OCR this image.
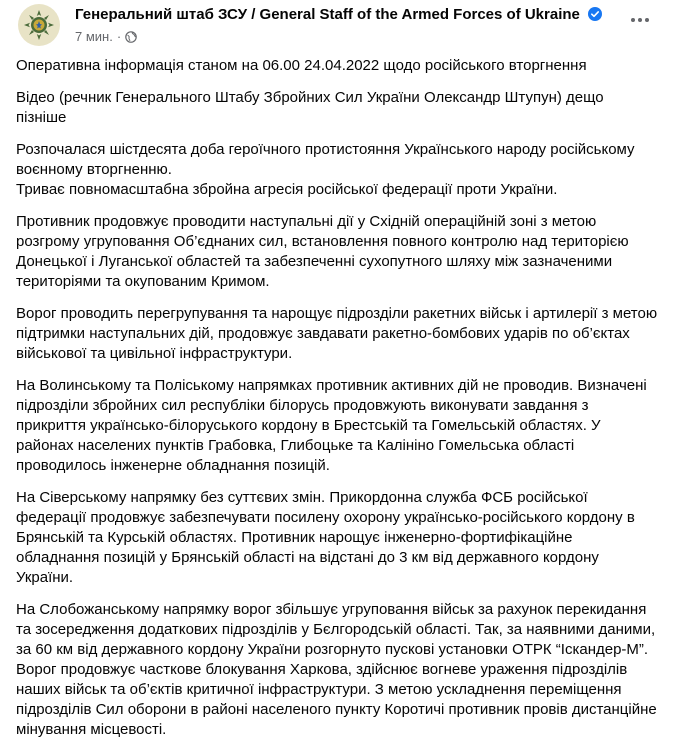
Генеральний штаб ЗСУ / General Staff of the Armed Forces of Ukraine
7 мин. ·

Оперативна інформація станом на 06.00 24.04.2022 щодо російського вторгнення

Відео (речник Генерального Штабу Збройних Сил України Олександр Штупун) дещо пізніше

Розпочалася шістдесята доба героїчного протистояння Українського народу російському воєнному вторгненню.

Триває повномасштабна збройна агресія російської федерації проти України.

Противник продовжує проводити наступальні дії у Східній операційній зоні з метою розгрому угруповання Об’єднаних сил, встановлення повного контролю над територією Донецької і Луганської областей та забезпеченні сухопутного шляху між зазначеними територіями та окупованим Кримом.

Ворог проводить перегрупування та нарощує підрозділи ракетних військ і артилерії з метою підтримки наступальних дій, продовжує завдавати ракетно-бомбових ударів по об’єктах військової та цивільної інфраструктури.

На Волинському та Поліському напрямках противник активних дій не проводив. Визначені підрозділи збройних сил республіки білорусь продовжують виконувати завдання з прикриття українсько-білоруського кордону в Брестській та Гомельській областях. У районах населених пунктів Грабовка, Глибоцьке та Калініно Гомельська області проводилось інженерне обладнання позицій.

На Сіверському напрямку без суттєвих змін. Прикордонна служба ФСБ російської федерації продовжує забезпечувати посилену охорону українсько-російського кордону в Брянській та Курській областях. Противник нарощує інженерно-фортифікаційне обладнання позицій у Брянській області на відстані до 3 км від державного кордону України.

На Слобожанському напрямку ворог збільшує угруповання військ за рахунок перекидання та зосередження додаткових підрозділів у Бєлгородській області. Так, за наявними даними, за 60 км від державного кордону України розгорнуто пускові установки ОТРК “Іскандер-М”. Ворог продовжує часткове блокування Харкова, здійснює вогневе ураження підрозділів наших військ та об’єктів критичної інфраструктури. З метою ускладнення переміщення підрозділів Сил оборони в районі населеного пункту Коротичі противник провів дистанційне мінування місцевості.
